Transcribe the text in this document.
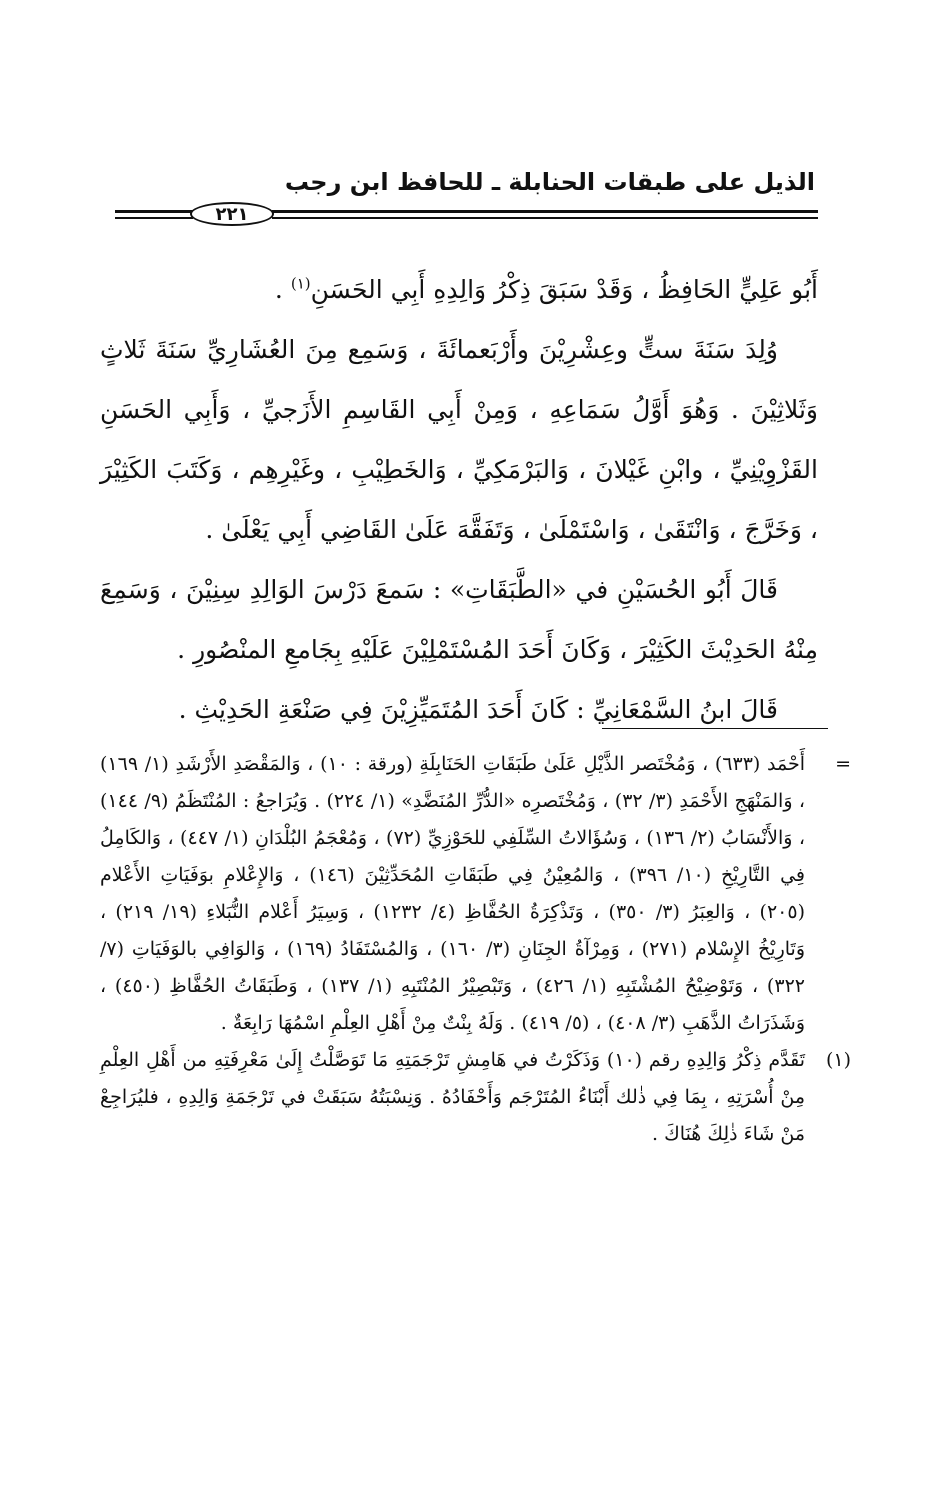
الذيل على طبقات الحنابلة ـ للحافظ ابن رجب
٢٢١

أَبُو عَلِيٍّ الحَافِظُ ، وَقَدْ سَبَقَ ذِكْرُ وَالِدِهِ أَبِي الحَسَنِ$^{(١)}$ .

وُلِدَ سَنَةَ ستٍّ وعِشْرِيْنَ وأَرْبَعمائَةَ ، وَسَمِع مِنَ العُشَارِيِّ سَنَةَ ثَلاثٍ وَثَلاثِيْنَ . وَهُوَ أَوَّلُ سَمَاعِهِ ، وَمِنْ أَبِي القَاسِمِ الأَزَجيِّ ، وَأَبِي الحَسَنِ القَزْوِيْنِيِّ ، وابْنِ غَيْلانَ ، وَالبَرْمَكِيِّ ، وَالخَطِيْبِ ، وغَيْرِهِم ، وَكَتَبَ الكَثِيْرَ ، وَخَرَّجَ ، وَانْتَقَىٰ ، وَاسْتَمْلَىٰ ، وَتَفَقَّهَ عَلَىٰ القَاضِي أَبِي يَعْلَىٰ .

قَالَ أَبُو الحُسَيْنِ في «الطَّبَقَاتِ» : سَمعَ دَرْسَ الوَالِدِ سِنِيْنَ ، وَسَمِعَ مِنْهُ الحَدِيْثَ الكَثِيْرَ ، وَكَانَ أَحَدَ المُسْتَمْلِيْنَ عَلَيْهِ بِجَامعِ المنْصُورِ .

قَالَ ابنُ السَّمْعَانِيِّ : كَانَ أَحَدَ المُتَمَيِّزِيْنَ فِي صَنْعَةِ الحَدِيْثِ .

=
أَحْمَد (٦٣٣) ، وَمُخْتَصر الذَّيْلِ عَلَىٰ طَبَقَاتِ الحَنَابِلَةِ (ورقة : ١٠) ، وَالمَقْصَدِ الأَرْشَدِ (١/ ١٦٩) ، وَالمَنْهَجِ الأَحْمَدِ (٣/ ٣٢) ، وَمُخْتَصرِه «الدُّرِّ المُنَضَّدِ» (١/ ٢٢٤) . وَيُرَاجعُ : المُنْتَظَمُ (٩/ ١٤٤) ، وَالأَنْسَابُ (٢/ ١٣٦) ، وَسُؤَالاتُ السِّلَفِي للحَوْزِيِّ (٧٢) ، وَمُعْجَمُ البُلْدَانِ (١/ ٤٤٧) ، وَالكَامِلُ فِي التَّارِيْخِ (١٠/ ٣٩٦) ، وَالمُعِيْنُ فِي طَبَقَاتِ المُحَدِّثِيْنَ (١٤٦) ، وَالإِعْلامِ بوَفَيَاتِ الأَعْلام (٢٠٥) ، وَالعِبَرُ (٣/ ٣٥٠) ، وَتَذْكِرَةُ الحُفَّاظِ (٤/ ١٢٣٢) ، وَسِيَرُ أَعْلام النُّبَلاءِ (١٩/ ٢١٩) ، وَتَارِيْخُ الإِسْلام (٢٧١) ، وَمِرْآةُ الجِنَانِ (٣/ ١٦٠) ، وَالمُسْتَفَادُ (١٦٩) ، وَالوَافِي بالوَفَيَاتِ (٧/ ٣٢٢) ، وَتَوْضِيْحُ المُشْتَبِهِ (١/ ٤٢٦) ، وَتَبْصِيْرُ المُنْتَبِهِ (١/ ١٣٧) ، وَطَبَقَاتُ الحُفَّاظِ (٤٥٠) ، وَشَذَرَاتُ الذَّهَبِ (٣/ ٤٠٨) ، (٥/ ٤١٩) . وَلَهُ بِنْتٌ مِنْ أَهْلِ العِلْمِ اسْمُهَا رَابِعَةٌ .
(١)
تَقَدَّم ذِكْرُ وَالِدِهِ رقم (١٠) وَذَكَرْتُ في هَامِشِ تَرْجَمَتِهِ مَا تَوَصَّلْتُ إِلَىٰ مَعْرِفَتِهِ من أَهْلِ العِلْمِ مِنْ أُسْرَتِهِ ، بِمَا فِي ذٰلك أَبْنَاءُ المُتَرْجَم وَأَحْفَادُهُ . وَنِسْبَتُهُ سَبَقَتْ في تَرْجَمَةِ وَالِدِهِ ، فليُرَاجِعْ مَنْ شَاءَ ذٰلِكَ هُنَاكَ .
